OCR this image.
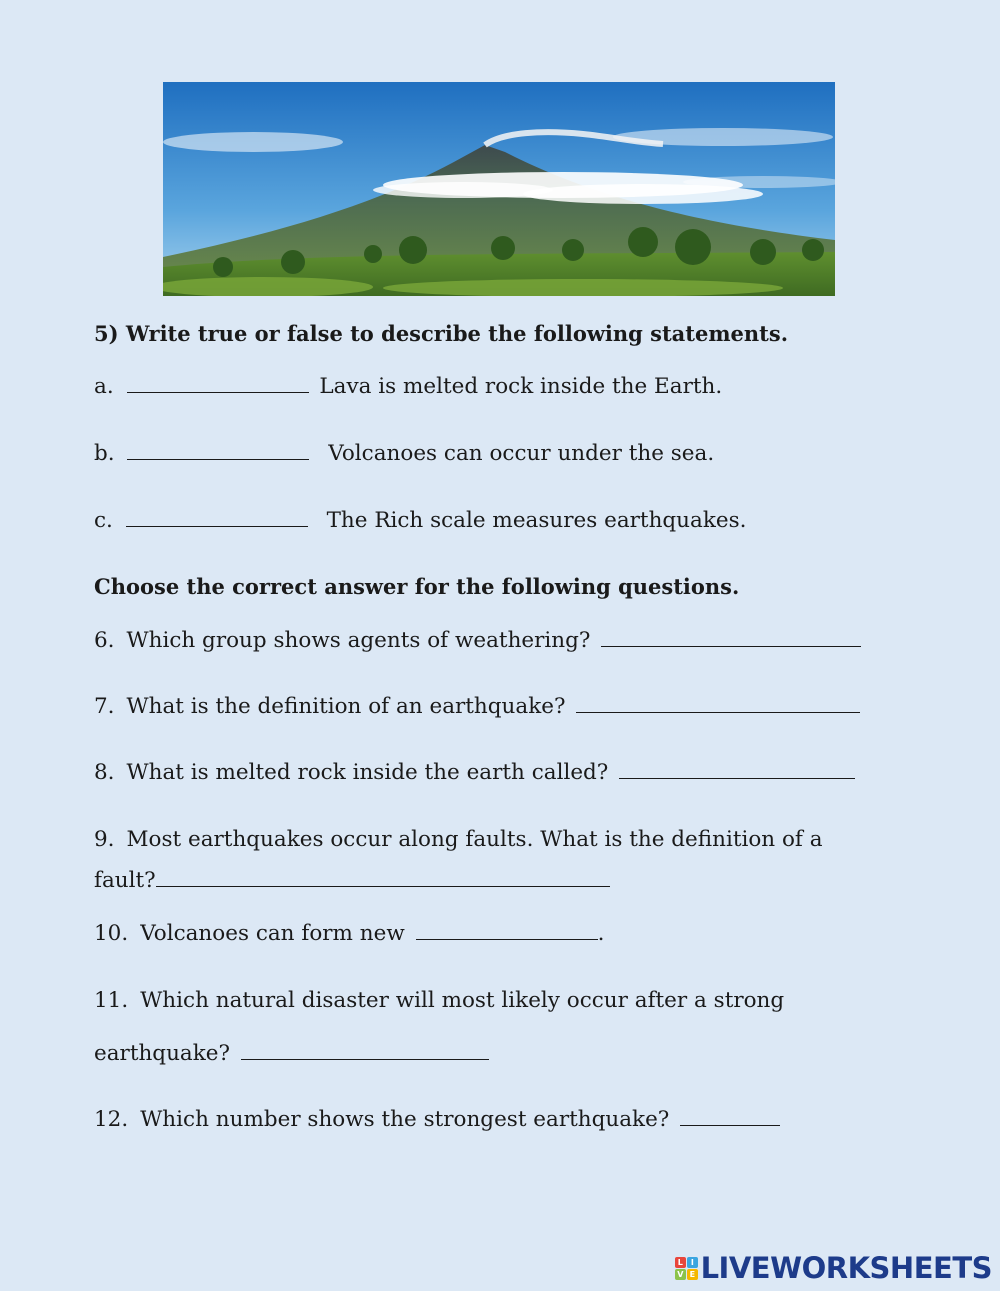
5) Write true or false to describe the following statements.
a.	Lava is melted rock inside the Earth.
b.	Volcanoes can occur under the sea.
c.	The Rich scale measures earthquakes.
Choose the correct answer for the following questions.
6. Which group shows agents of weathering?
7. What is the definition of an earthquake?
8. What is melted rock inside the earth called?
9. Most earthquakes occur along faults. What is the definition of a
fault?
10. Volcanoes can form new	.
11. Which natural disaster will most likely occur after a strong
earthquake?
12. Which number shows the strongest earthquake?
L	I
V E LIVEWORKSHEETS
